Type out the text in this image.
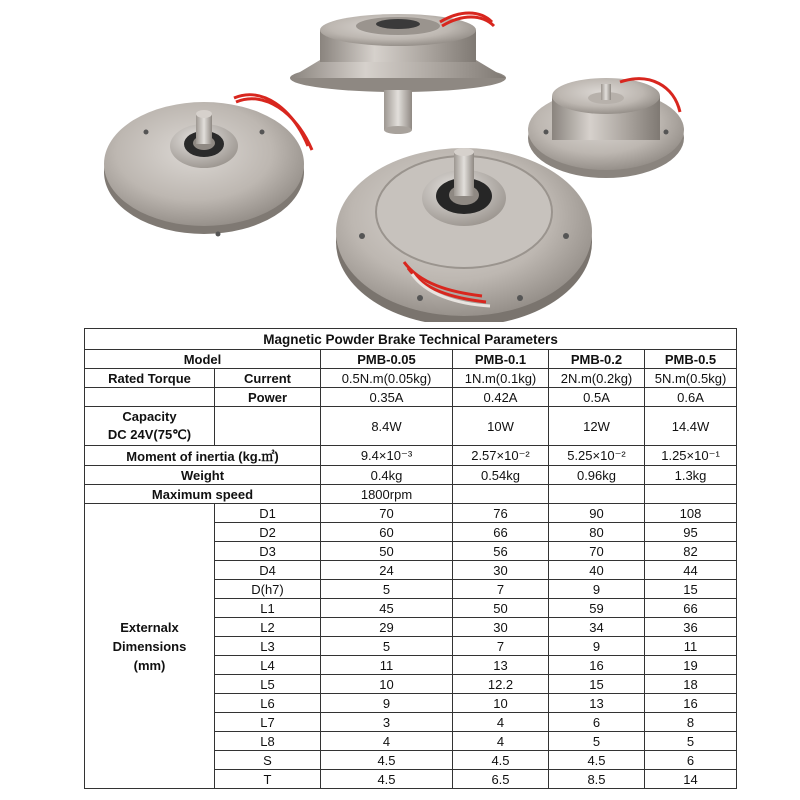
Magnetic Powder Brake Technical Parameters					
Model		PMB-0.05	PMB-0.1	PMB-0.2	PMB-0.5
Rated Torque	Current	0.5N.m(0.05kg)	1N.m(0.1kg)	2N.m(0.2kg)	5N.m(0.5kg)
	Power	0.35A	0.42A	0.5A	0.6A
Capacity
DC 24V(75℃)		8.4W	10W	12W	14.4W
Moment of inertia (kg.㎡)		9.4×10⁻³	2.57×10⁻²	5.25×10⁻²	1.25×10⁻¹
Weight		0.4kg	0.54kg	0.96kg	1.3kg
Maximum speed		1800rpm			
Externalx
Dimensions
(mm)	D1	70	76	90	108
	D2	60	66	80	95
	D3	50	56	70	82
	D4	24	30	40	44
	D(h7)	5	7	9	15
	L1	45	50	59	66
	L2	29	30	34	36
	L3	5	7	9	11
	L4	11	13	16	19
	L5	10	12.2	15	18
	L6	9	10	13	16
	L7	3	4	6	8
	L8	4	4	5	5
	S	4.5	4.5	4.5	6
	T	4.5	6.5	8.5	14
